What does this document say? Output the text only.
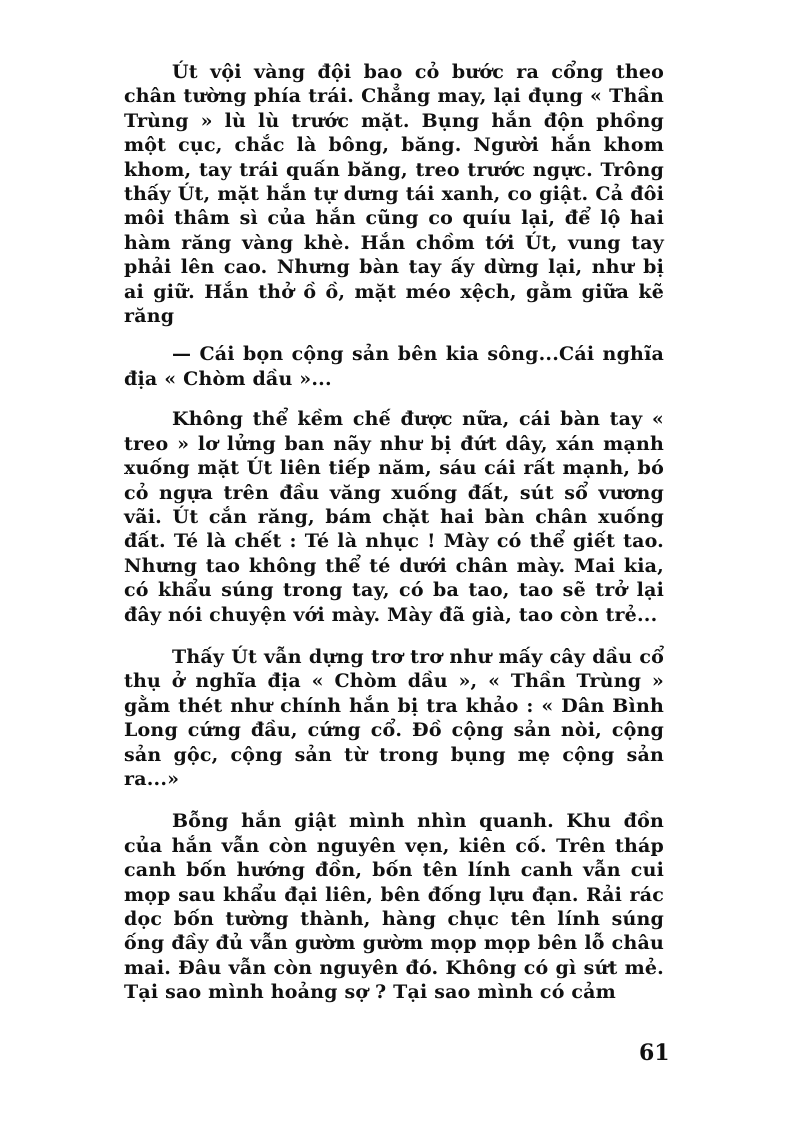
Út vội vàng đội bao cỏ bước ra cổng theo chân tường phía trái. Chẳng may, lại đụng « Thần Trùng » lù lù trước mặt. Bụng hắn độn phồng một cục, chắc là bông, băng. Người hắn khom khom, tay trái quấn băng, treo trước ngực. Trông thấy Út, mặt hắn tự dưng tái xanh, co giật. Cả đôi môi thâm sì của hắn cũng co quíu lại, để lộ hai hàm răng vàng khè. Hắn chồm tới Út, vung tay phải lên cao. Nhưng bàn tay ấy dừng lại, như bị ai giữ. Hắn thở ồ ồ, mặt méo xệch, gằm giữa kẽ răng

— Cái bọn cộng sản bên kia sông...Cái nghĩa địa « Chòm dầu »...

Không thể kềm chế được nữa, cái bàn tay « treo » lơ lửng ban nãy như bị đứt dây, xán mạnh xuống mặt Út liên tiếp năm, sáu cái rất mạnh, bó cỏ ngựa trên đầu văng xuống đất, sút sổ vương vãi. Út cắn răng, bám chặt hai bàn chân xuống đất. Té là chết : Té là nhục ! Mày có thể giết tao. Nhưng tao không thể té dưới chân mày. Mai kia, có khẩu súng trong tay, có ba tao, tao sẽ trở lại đây nói chuyện với mày. Mày đã già, tao còn trẻ...

Thấy Út vẫn dựng trơ trơ như mấy cây dầu cổ thụ ở nghĩa địa « Chòm dầu », « Thần Trùng » gằm thét như chính hắn bị tra khảo : « Dân Bình Long cứng đầu, cứng cổ. Đồ cộng sản nòi, cộng sản gộc, cộng sản từ trong bụng mẹ cộng sản ra...»

Bỗng hắn giật mình nhìn quanh. Khu đồn của hắn vẫn còn nguyên vẹn, kiên cố. Trên tháp canh bốn hướng đồn, bốn tên lính canh vẫn cui mọp sau khẩu đại liên, bên đống lựu đạn. Rải rác dọc bốn tường thành, hàng chục tên lính súng ống đầy đủ vẫn gườm gườm mọp mọp bên lỗ châu mai. Đâu vẫn còn nguyên đó. Không có gì sứt mẻ. Tại sao mình hoảng sợ ? Tại sao mình có cảm

61
